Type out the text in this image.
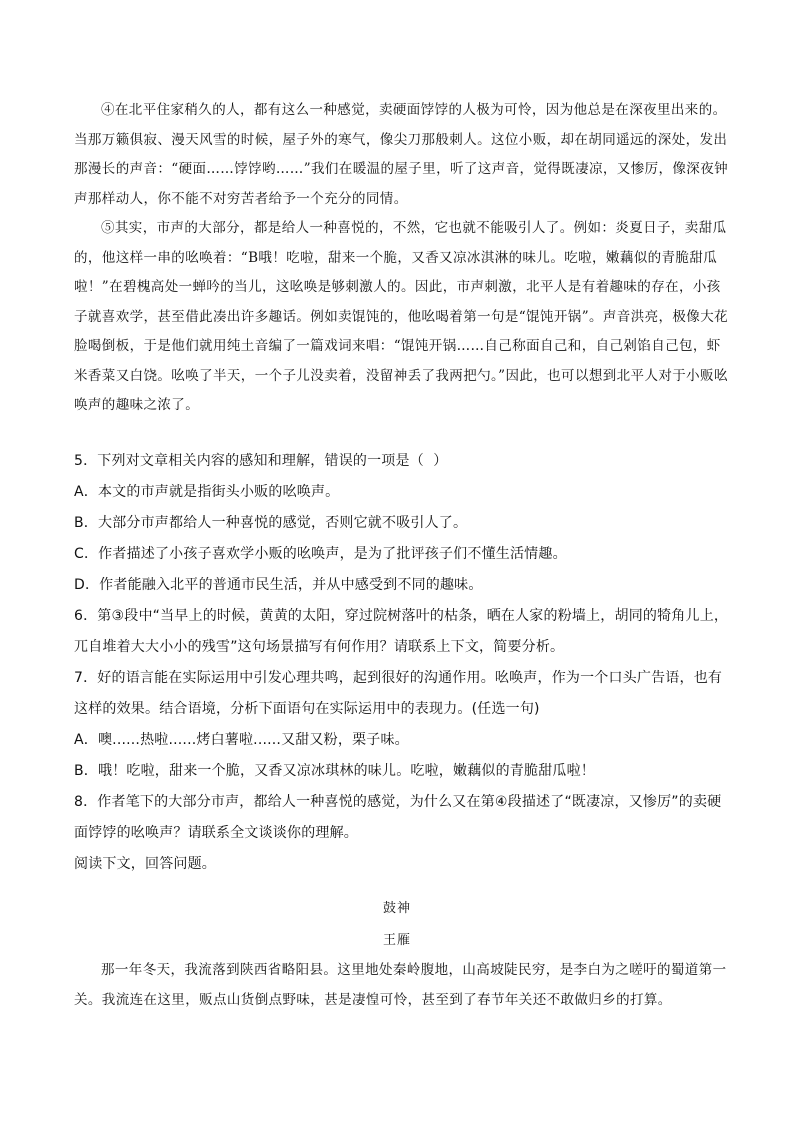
④在北平住家稍久的人，都有这么一种感觉，卖硬面饽饽的人极为可怜，因为他总是在深夜里出来的。当那万籁俱寂、漫天风雪的时候，屋子外的寒气，像尖刀那般刺人。这位小贩，却在胡同遥远的深处，发出那漫长的声音：“硬面……饽饽哟……”我们在暖温的屋子里，听了这声音，觉得既凄凉，又惨厉，像深夜钟声那样动人，你不能不对穷苦者给予一个充分的同情。

⑤其实，市声的大部分，都是给人一种喜悦的，不然，它也就不能吸引人了。例如：炎夏日子，卖甜瓜的，他这样一串的吆唤着：“B哦！吃啦，甜来一个脆，又香又凉冰淇淋的味儿。吃啦，嫩藕似的青脆甜瓜啦！”在碧槐高处一蝉吟的当儿，这吆唤是够刺激人的。因此，市声刺激，北平人是有着趣味的存在，小孩子就喜欢学，甚至借此凑出许多趣话。例如卖馄饨的，他吆喝着第一句是“馄饨开锅”。声音洪亮，极像大花脸喝倒板，于是他们就用纯土音编了一篇戏词来唱：“馄饨开锅……自己称面自己和，自己剁馅自己包，虾米香菜又白饶。吆唤了半天，一个子儿没卖着，没留神丢了我两把勺。”因此，也可以想到北平人对于小贩吆唤声的趣味之浓了。

5．下列对文章相关内容的感知和理解，错误的一项是（  ）

A．本文的市声就是指街头小贩的吆唤声。

B．大部分市声都给人一种喜悦的感觉，否则它就不吸引人了。

C．作者描述了小孩子喜欢学小贩的吆唤声，是为了批评孩子们不懂生活情趣。

D．作者能融入北平的普通市民生活，并从中感受到不同的趣味。

6．第③段中“当早上的时候，黄黄的太阳，穿过院树落叶的枯条，晒在人家的粉墙上，胡同的犄角儿上，兀自堆着大大小小的残雪”这句场景描写有何作用？请联系上下文，简要分析。

7．好的语言能在实际运用中引发心理共鸣，起到很好的沟通作用。吆唤声，作为一个口头广告语，也有这样的效果。结合语境，分析下面语句在实际运用中的表现力。(任选一句)

A．噢......热啦......烤白薯啦......又甜又粉，栗子味。

B．哦！吃啦，甜来一个脆，又香又凉冰琪林的味儿。吃啦，嫩藕似的青脆甜瓜啦！

8．作者笔下的大部分市声，都给人一种喜悦的感觉，为什么又在第④段描述了“既凄凉，又惨厉”的卖硬面饽饽的吆唤声？请联系全文谈谈你的理解。

阅读下文，回答问题。

鼓神
王雁

那一年冬天，我流落到陕西省略阳县。这里地处秦岭腹地，山高坡陡民穷，是李白为之嗟吁的蜀道第一关。我流连在这里，贩点山货倒点野味，甚是凄惶可怜，甚至到了春节年关还不敢做归乡的打算。
